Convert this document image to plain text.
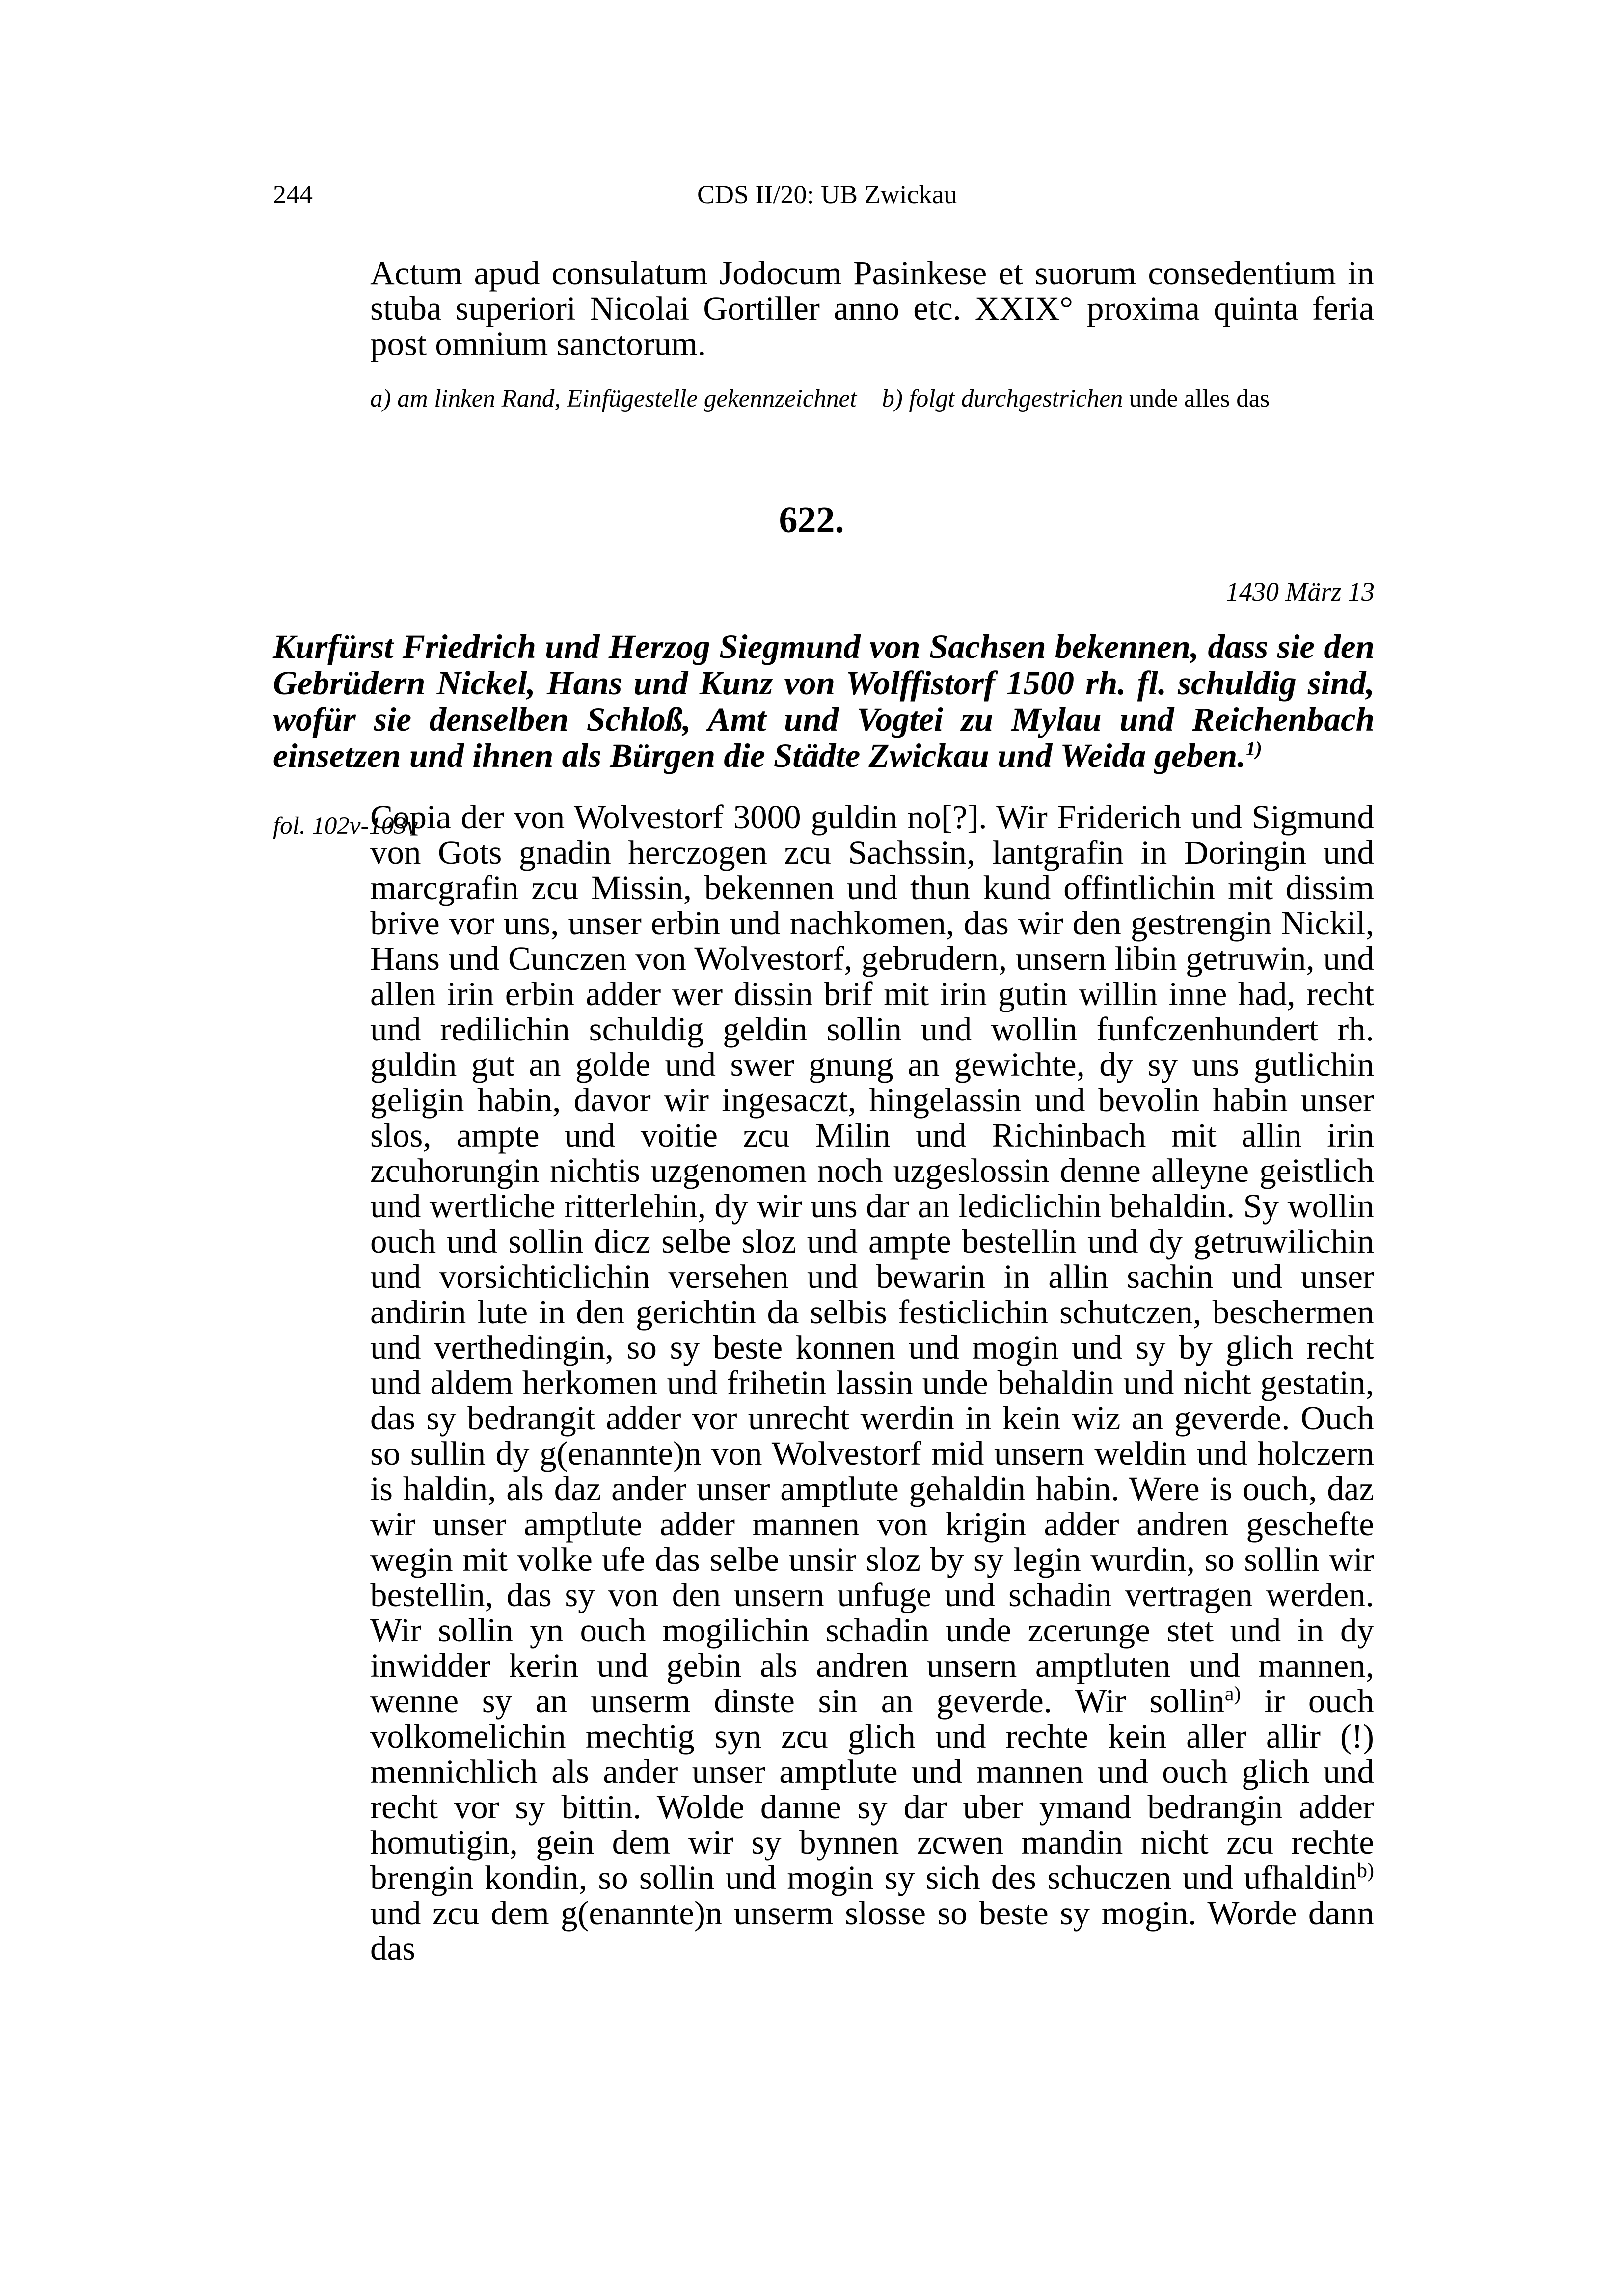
244	CDS II/20: UB Zwickau

Actum apud consulatum Jodocum Pasinkese et suorum consedentium in stuba superiori Nicolai Gortiller anno etc. XXIX° proxima quinta feria post omnium sanctorum.

a) am linken Rand, Einfügestelle gekennzeichnet b) folgt durchgestrichen unde alles das
622.
1430 März 13
Kurfürst Friedrich und Herzog Siegmund von Sachsen bekennen, dass sie den Gebrüdern Nickel, Hans und Kunz von Wolffistorf 1500 rh. fl. schuldig sind, wofür sie denselben Schloß, Amt und Vogtei zu Mylau und Reichenbach einsetzen und ihnen als Bürgen die Städte Zwickau und Weida geben.$^{1)}$
fol. 102v-103v

Copia der von Wolvestorf 3000 guldin no[?]. Wir Friderich und Sigmund von Gots gnadin herczogen zcu Sachssin, lantgrafin in Doringin und marcgrafin zcu Missin, bekennen und thun kund offintlichin mit dissim brive vor uns, unser erbin und nachkomen, das wir den gestrengin Nickil, Hans und Cunczen von Wolvestorf, gebrudern, unsern libin getruwin, und allen irin erbin adder wer dissin brif mit irin gutin willin inne had, recht und redilichin schuldig geldin sollin und wollin funfczenhundert rh. guldin gut an golde und swer gnung an gewichte, dy sy uns gutlichin geligin habin, davor wir ingesaczt, hingelassin und bevolin habin unser slos, ampte und voitie zcu Milin und Richinbach mit allin irin zcuhorungin nichtis uzgenomen noch uzgeslossin denne alleyne geistlich und wertliche ritterlehin, dy wir uns dar an lediclichin behaldin. Sy wollin ouch und sollin dicz selbe sloz und ampte bestellin und dy getruwilichin und vorsichticlichin versehen und bewarin in allin sachin und unser andirin lute in den gerichtin da selbis festiclichin schutczen, beschermen und verthedingin, so sy beste konnen und mogin und sy by glich recht und aldem herkomen und frihetin lassin unde behaldin und nicht gestatin, das sy bedrangit adder vor unrecht werdin in kein wiz an geverde. Ouch so sullin dy g(enannte)n von Wolvestorf mid unsern weldin und holczern is haldin, als daz ander unser amptlute gehaldin habin. Were is ouch, daz wir unser amptlute adder mannen von krigin adder andren geschefte wegin mit volke ufe das selbe unsir sloz by sy legin wurdin, so sollin wir bestellin, das sy von den unsern unfuge und schadin vertragen werden. Wir sollin yn ouch mogilichin schadin unde zcerunge stet und in dy inwidder kerin und gebin als andren unsern amptluten und mannen, wenne sy an unserm dinste sin an geverde. Wir sollin$^{a)}$ ir ouch volkomelichin mechtig syn zcu glich und rechte kein aller allir (!) mennichlich als ander unser amptlute und mannen und ouch glich und recht vor sy bittin. Wolde danne sy dar uber ymand bedrangin adder homutigin, gein dem wir sy bynnen zcwen mandin nicht zcu rechte brengin kondin, so sollin und mogin sy sich des schuczen und ufhaldin$^{b)}$ und zcu dem g(enannte)n unserm slosse so beste sy mogin. Worde dann das
